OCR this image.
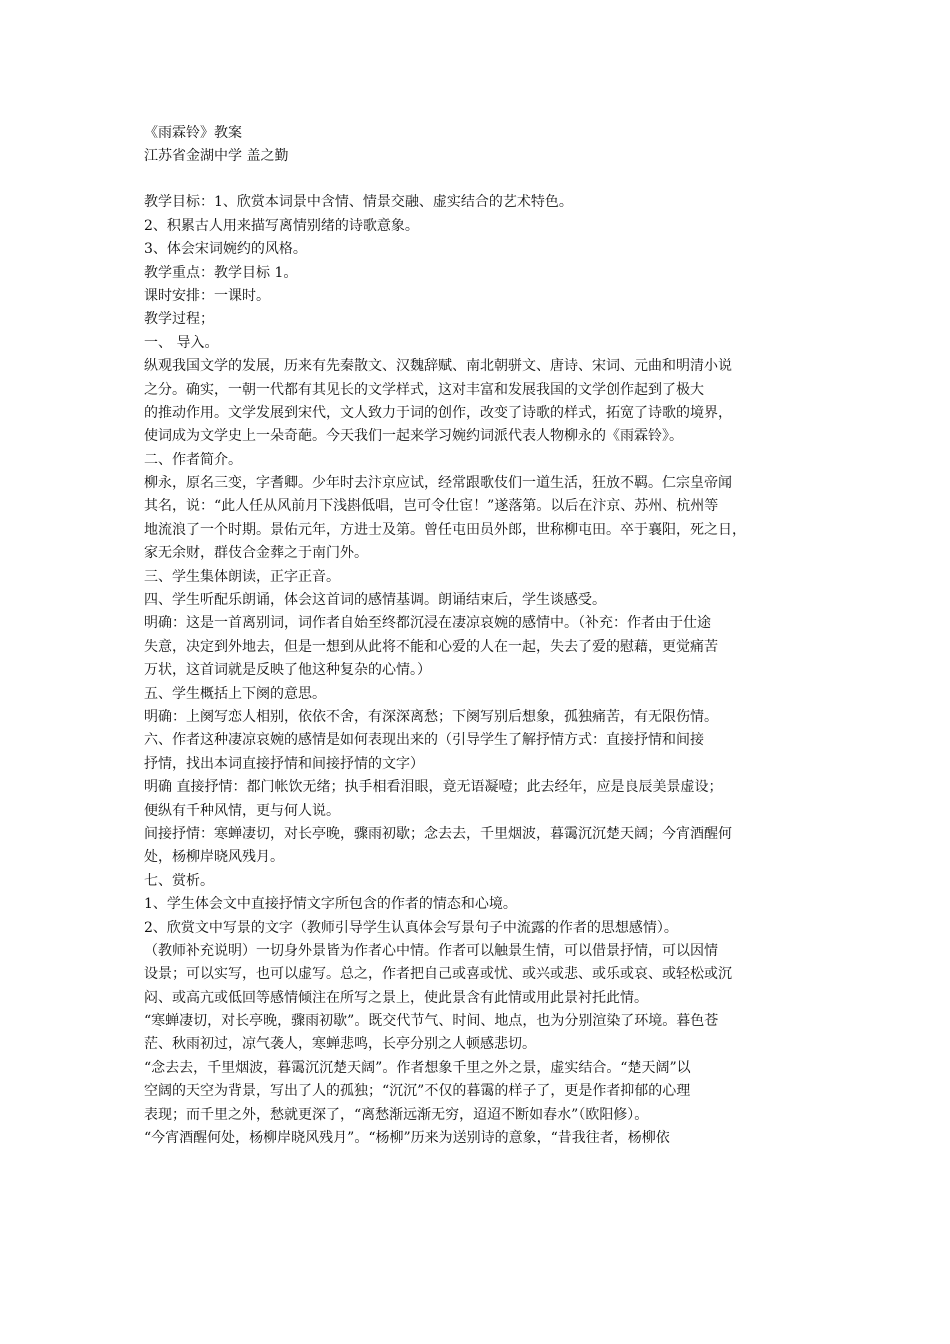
《雨霖铃》教案
江苏省金湖中学 盖之勤
教学目标：1、欣赏本词景中含情、情景交融、虚实结合的艺术特色。
2、积累古人用来描写离情别绪的诗歌意象。
3、体会宋词婉约的风格。
教学重点：教学目标 1。
课时安排：一课时。
教学过程；
一、 导入。
纵观我国文学的发展，历来有先秦散文、汉魏辞赋、南北朝骈文、唐诗、宋词、元曲和明清小说
之分。确实，一朝一代都有其见长的文学样式，这对丰富和发展我国的文学创作起到了极大
的推动作用。文学发展到宋代，文人致力于词的创作，改变了诗歌的样式，拓宽了诗歌的境界，
使词成为文学史上一朵奇葩。今天我们一起来学习婉约词派代表人物柳永的《雨霖铃》。
二、作者简介。
柳永，原名三变，字耆卿。少年时去汴京应试，经常跟歌伎们一道生活，狂放不羁。仁宗皇帝闻
其名，说：“此人任从风前月下浅斟低唱，岂可令仕宦！”遂落第。以后在汴京、苏州、杭州等
地流浪了一个时期。景佑元年，方进士及第。曾任屯田员外郎，世称柳屯田。卒于襄阳，死之日，
家无余财，群伎合金葬之于南门外。
三、学生集体朗读，正字正音。
四、学生听配乐朗诵，体会这首词的感情基调。朗诵结束后，学生谈感受。
明确：这是一首离别词，词作者自始至终都沉浸在凄凉哀婉的感情中。（补充：作者由于仕途
失意，决定到外地去，但是一想到从此将不能和心爱的人在一起，失去了爱的慰藉，更觉痛苦
万状，这首词就是反映了他这种复杂的心情。）
五、学生概括上下阕的意思。
明确：上阕写恋人相别，依依不舍，有深深离愁；下阕写别后想象，孤独痛苦，有无限伤情。
六、作者这种凄凉哀婉的感情是如何表现出来的（引导学生了解抒情方式：直接抒情和间接
抒情，找出本词直接抒情和间接抒情的文字）
明确 直接抒情：都门帐饮无绪；执手相看泪眼，竟无语凝噎；此去经年，应是良辰美景虚设；
便纵有千种风情，更与何人说。
间接抒情：寒蝉凄切，对长亭晚，骤雨初歇；念去去，千里烟波，暮霭沉沉楚天阔；今宵酒醒何
处，杨柳岸晓风残月。
七、赏析。
1、学生体会文中直接抒情文字所包含的作者的情态和心境。
2、欣赏文中写景的文字（教师引导学生认真体会写景句子中流露的作者的思想感情）。
（教师补充说明）一切身外景皆为作者心中情。作者可以触景生情，可以借景抒情，可以因情
设景；可以实写，也可以虚写。总之，作者把自己或喜或忧、或兴或悲、或乐或哀、或轻松或沉
闷、或高亢或低回等感情倾注在所写之景上，使此景含有此情或用此景衬托此情。
“寒蝉凄切，对长亭晚，骤雨初歇”。既交代节气、时间、地点，也为分别渲染了环境。暮色苍
茫、秋雨初过，凉气袭人，寒蝉悲鸣，长亭分别之人顿感悲切。
“念去去，千里烟波，暮霭沉沉楚天阔”。作者想象千里之外之景，虚实结合。“楚天阔”以
空阔的天空为背景，写出了人的孤独；“沉沉”不仅的暮霭的样子了，更是作者抑郁的心理
表现；而千里之外，愁就更深了，“离愁渐远渐无穷，迢迢不断如春水”（欧阳修）。
“今宵酒醒何处，杨柳岸晓风残月”。“杨柳”历来为送别诗的意象，“昔我往者，杨柳依
